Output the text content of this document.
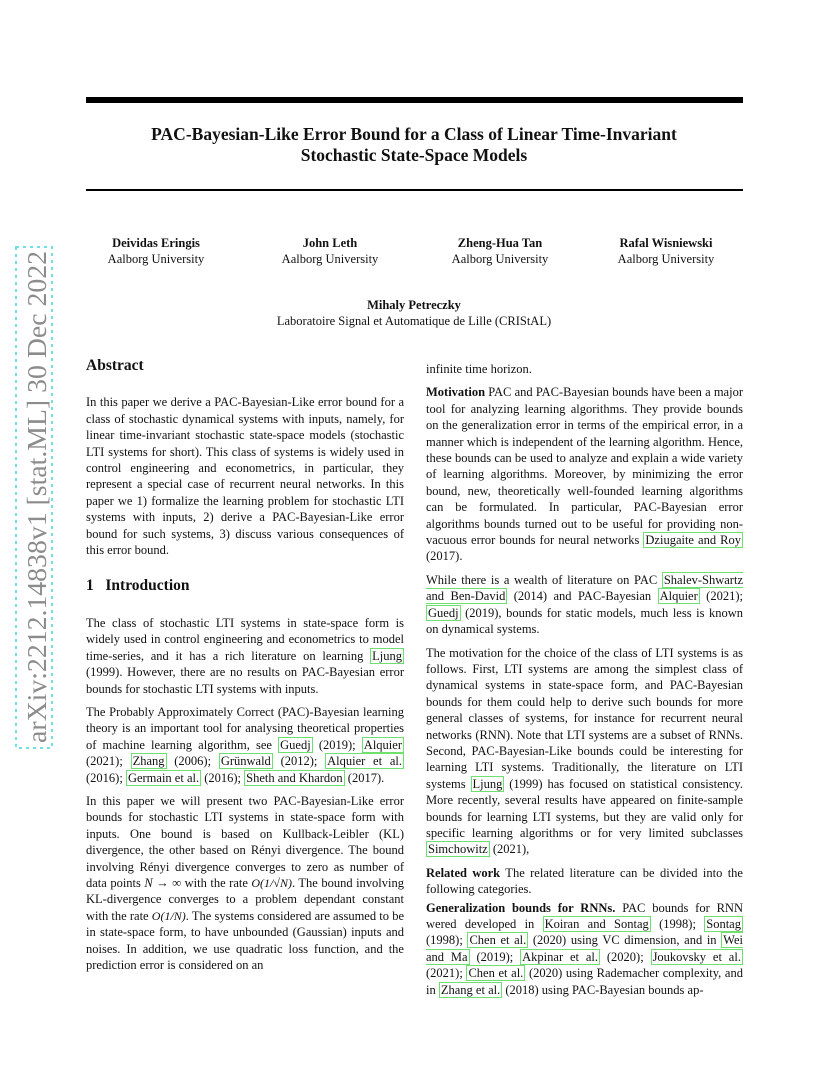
arXiv:2212.14838v1 [stat.ML] 30 Dec 2022
PAC-Bayesian-Like Error Bound for a Class of Linear Time-Invariant
Stochastic State-Space Models
Deividas Eringis
Aalborg University
John Leth
Aalborg University
Zheng-Hua Tan
Aalborg University
Rafal Wisniewski
Aalborg University
Mihaly Petreczky
Laboratoire Signal et Automatique de Lille (CRIStAL)

Abstract

In this paper we derive a PAC-Bayesian-Like error bound for a class of stochastic dynamical systems with inputs, namely, for linear time-invariant stochastic state-space models (stochastic LTI systems for short). This class of systems is widely used in control engineering and econometrics, in particular, they represent a special case of recurrent neural networks. In this paper we 1) formalize the learning problem for stochastic LTI systems with inputs, 2) derive a PAC-Bayesian-Like error bound for such systems, 3) discuss various consequences of this error bound.

1   Introduction

The class of stochastic LTI systems in state-space form is widely used in control engineering and econometrics to model time-series, and it has a rich literature on learning Ljung (1999). However, there are no results on PAC-Bayesian error bounds for stochastic LTI systems with inputs.

The Probably Approximately Correct (PAC)-Bayesian learning theory is an important tool for analysing theoretical properties of machine learning algorithm, see Guedj (2019); Alquier (2021); Zhang (2006); Grünwald (2012); Alquier et al. (2016); Germain et al. (2016); Sheth and Khardon (2017).

In this paper we will present two PAC-Bayesian-Like error bounds for stochastic LTI systems in state-space form with inputs. One bound is based on Kullback-Leibler (KL) divergence, the other based on Rényi divergence. The bound involving Rényi divergence converges to zero as number of data points N → ∞ with the rate O(1/√N). The bound involving KL-divergence converges to a problem dependant constant with the rate O(1/N). The systems considered are assumed to be in state-space form, to have unbounded (Gaussian) inputs and noises. In addition, we use quadratic loss function, and the prediction error is considered on an

infinite time horizon.

Motivation PAC and PAC-Bayesian bounds have been a major tool for analyzing learning algorithms. They provide bounds on the generalization error in terms of the empirical error, in a manner which is independent of the learning algorithm. Hence, these bounds can be used to analyze and explain a wide variety of learning algorithms. Moreover, by minimizing the error bound, new, theoretically well-founded learning algorithms can be formulated. In particular, PAC-Bayesian error algorithms bounds turned out to be useful for providing non-vacuous error bounds for neural networks Dziugaite and Roy (2017).

While there is a wealth of literature on PAC Shalev-Shwartz and Ben-David (2014) and PAC-Bayesian Alquier (2021); Guedj (2019), bounds for static models, much less is known on dynamical systems.

The motivation for the choice of the class of LTI systems is as follows. First, LTI systems are among the simplest class of dynamical systems in state-space form, and PAC-Bayesian bounds for them could help to derive such bounds for more general classes of systems, for instance for recurrent neural networks (RNN). Note that LTI systems are a subset of RNNs. Second, PAC-Bayesian-Like bounds could be interesting for learning LTI systems. Traditionally, the literature on LTI systems Ljung (1999) has focused on statistical consistency. More recently, several results have appeared on finite-sample bounds for learning LTI systems, but they are valid only for specific learning algorithms or for very limited subclasses Simchowitz (2021),

Related work The related literature can be divided into the following categories.

Generalization bounds for RNNs. PAC bounds for RNN wered developed in Koiran and Sontag (1998); Sontag (1998); Chen et al. (2020) using VC dimension, and in Wei and Ma (2019); Akpinar et al. (2020); Joukovsky et al. (2021); Chen et al. (2020) using Rademacher complexity, and in Zhang et al. (2018) using PAC-Bayesian bounds ap-
